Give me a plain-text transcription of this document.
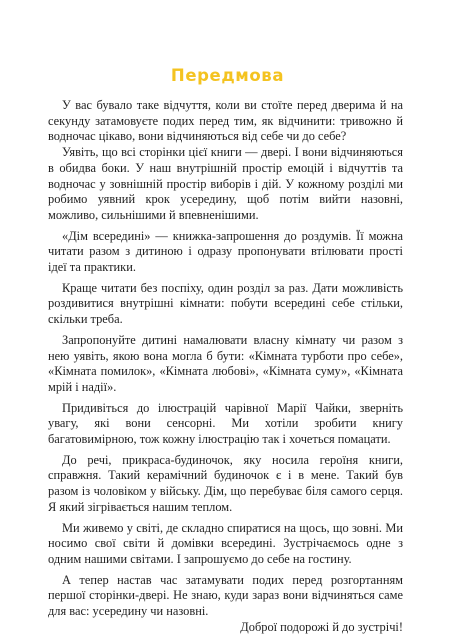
Передмова

У вас бувало таке відчуття, коли ви стоїте перед дверима й на секунду затамовуєте подих перед тим, як відчинити: тривожно й водночас цікаво, вони відчиняються від себе чи до себе?

Уявіть, що всі сторінки цієї книги — двері. І вони відчиняються в обидва боки. У наш внутрішній простір емоцій і відчуттів та водночас у зовнішній простір виборів і дій. У кожному розділі ми робимо уявний крок усередину, щоб потім вийти назовні, можливо, сильнішими й впевненішими.

«Дім всередині» — книжка-запрошення до роздумів. Її можна читати разом з дитиною і одразу пропонувати втілювати прості ідеї та практики.

Краще читати без поспіху, один розділ за раз. Дати можливість роздивитися внутрішні кімнати: побути всередині себе стільки, скільки треба.

Запропонуйте дитині намалювати власну кімнату чи разом з нею уявіть, якою вона могла б бути: «Кімната турботи про себе», «Кімната помилок», «Кімната любові», «Кімната суму», «Кімната мрій і надії».

Придивіться до ілюстрацій чарівної Марії Чайки, зверніть увагу, які вони сенсорні. Ми хотіли зробити книгу багатовимірною, тож кожну ілюстрацію так і хочеться помацати.

До речі, прикраса-будиночок, яку носила героїня книги, справжня. Такий керамічний будиночок є і в мене. Такий був разом із чоловіком у війську. Дім, що перебуває біля самого серця. Я який зігрівається нашим теплом.

Ми живемо у світі, де складно спиратися на щось, що зовні. Ми носимо свої світи й домівки всередині. Зустрічаємось одне з одним нашими світами. І запрошуємо до себе на гостину.

А тепер настав час затамувати подих перед розгортанням першої сторінки-двері. Не знаю, куди зараз вони відчиняться саме для вас: усередину чи назовні.

Доброї подорожі й до зустрічі!
